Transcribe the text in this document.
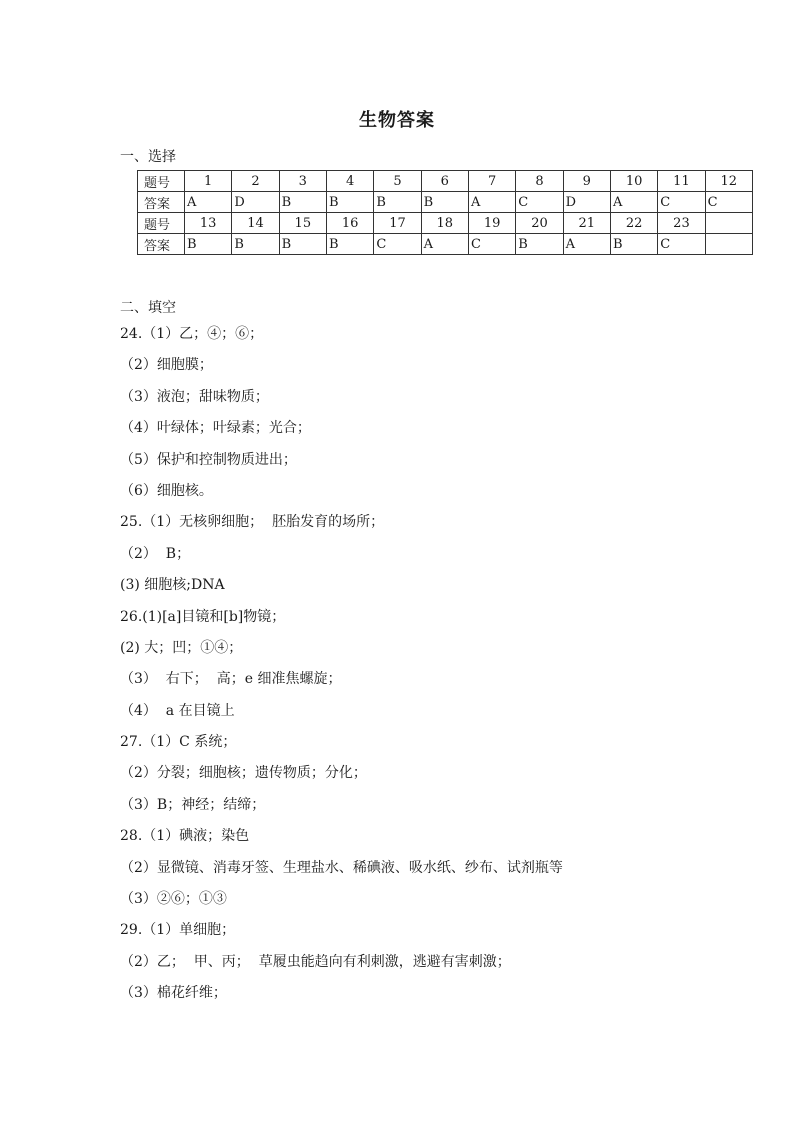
生物答案
一、选择
题号	1	2	3	4	5	6	7	8	9	10	11	12
答案	A	D	B	B	B	B	A	C	D	A	C	C
题号	13	14	15	16	17	18	19	20	21	22	23	
答案	B	B	B	B	C	A	C	B	A	B	C	
二、填空
24.（1）乙；④；⑥；
（2）细胞膜；
（3）液泡；甜味物质；
（4）叶绿体；叶绿素；光合；
（5）保护和控制物质进出；
（6）细胞核。
25.（1）无核卵细胞；  胚胎发育的场所；
（2）  B；
(3) 细胞核;DNA
26.(1)[a]目镜和[b]物镜；
(2) 大；凹；①④；
（3）  右下；  高；e 细准焦螺旋；
（4）  a 在目镜上
27.（1）C 系统；
（2）分裂；细胞核；遗传物质；分化；
（3）B；神经；结缔；
28.（1）碘液；染色
（2）显微镜、消毒牙签、生理盐水、稀碘液、吸水纸、纱布、试剂瓶等
（3）②⑥；①③
29.（1）单细胞；
（2）乙；  甲、丙；  草履虫能趋向有利刺激，逃避有害刺激；
（3）棉花纤维；
